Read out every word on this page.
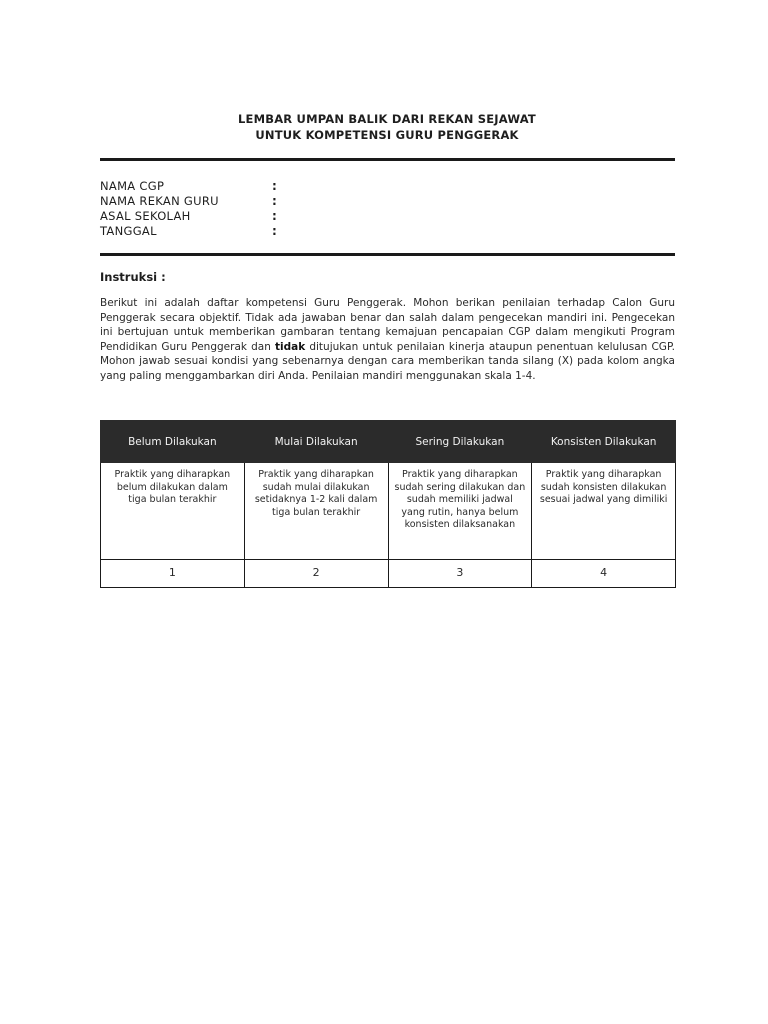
LEMBAR UMPAN BALIK DARI REKAN SEJAWAT
UNTUK KOMPETENSI GURU PENGGERAK
NAMA CGP	:
NAMA REKAN GURU	:
ASAL SEKOLAH	:
TANGGAL	:
Instruksi :
Berikut ini adalah daftar kompetensi Guru Penggerak. Mohon berikan penilaian terhadap Calon Guru Penggerak secara objektif. Tidak ada jawaban benar dan salah dalam pengecekan mandiri ini. Pengecekan ini bertujuan untuk memberikan gambaran tentang kemajuan pencapaian CGP dalam mengikuti Program Pendidikan Guru Penggerak dan tidak ditujukan untuk penilaian kinerja ataupun penentuan kelulusan CGP. Mohon jawab sesuai kondisi yang sebenarnya dengan cara memberikan tanda silang (X) pada kolom angka yang paling menggambarkan diri Anda. Penilaian mandiri menggunakan skala 1-4.
Belum Dilakukan	Mulai Dilakukan	Sering Dilakukan	Konsisten Dilakukan
Praktik yang diharapkan belum dilakukan dalam tiga bulan terakhir	Praktik yang diharapkan sudah mulai dilakukan setidaknya 1-2 kali dalam tiga bulan terakhir	Praktik yang diharapkan sudah sering dilakukan dan sudah memiliki jadwal yang rutin, hanya belum konsisten dilaksanakan	Praktik yang diharapkan sudah konsisten dilakukan sesuai jadwal yang dimiliki
1	2	3	4
